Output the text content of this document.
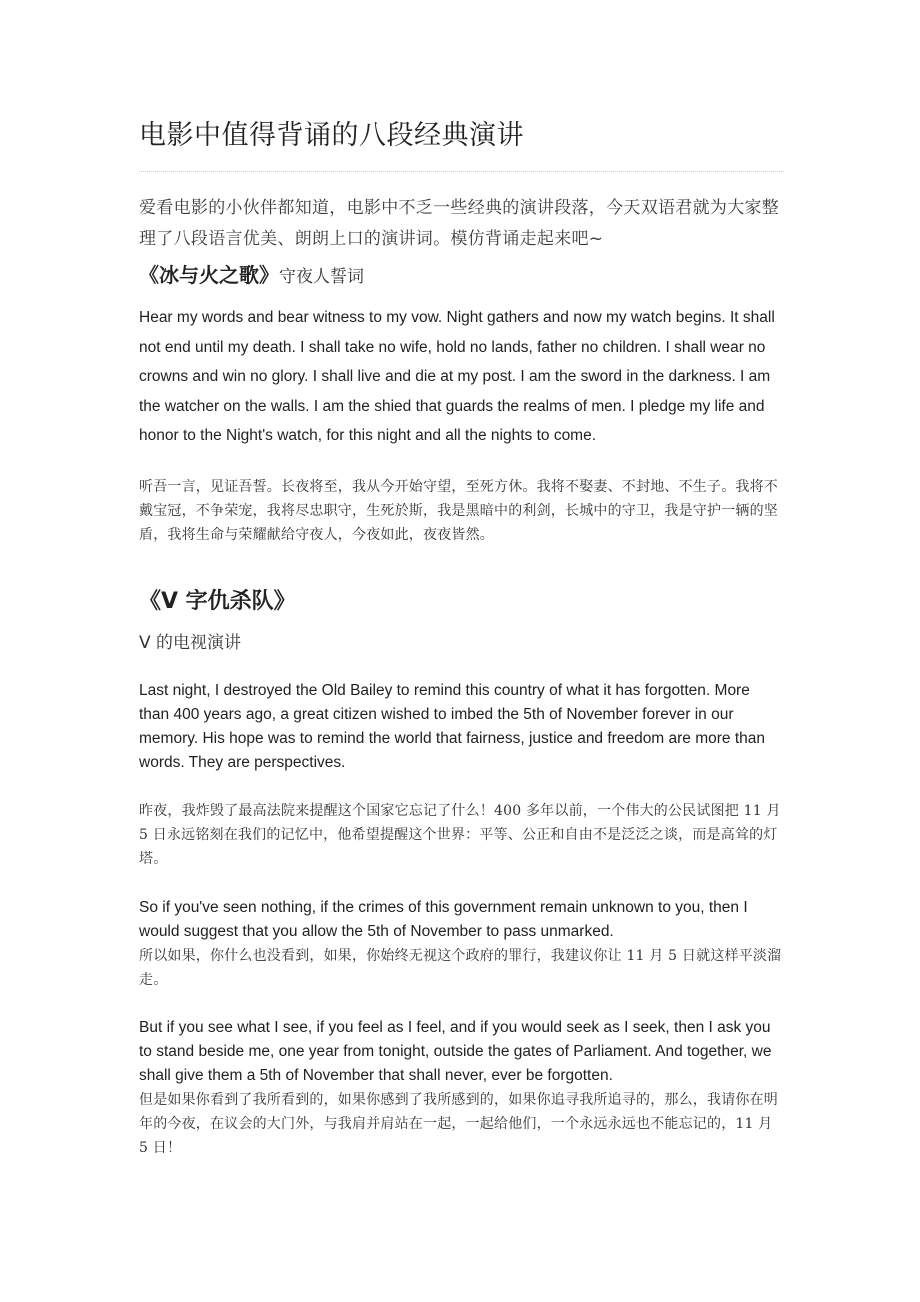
电影中值得背诵的八段经典演讲
爱看电影的小伙伴都知道，电影中不乏一些经典的演讲段落，今天双语君就为大家整理了八段语言优美、朗朗上口的演讲词。模仿背诵走起来吧~
《冰与火之歌》守夜人誓词
Hear my words and bear witness to my vow. Night gathers and now my watch begins. It shall not end until my death. I shall take no wife, hold no lands, father no children. I shall wear no crowns and win no glory. I shall live and die at my post. I am the sword in the darkness. I am the watcher on the walls. I am the shied that guards the realms of men. I pledge my life and honor to the Night's watch, for this night and all the nights to come.
听吾一言，见证吾誓。长夜将至，我从今开始守望，至死方休。我将不娶妻、不封地、不生子。我将不戴宝冠，不争荣宠，我将尽忠职守，生死於斯，我是黑暗中的利剑，长城中的守卫，我是守护一辆的坚盾，我将生命与荣耀献给守夜人，今夜如此，夜夜皆然。
《V 字仇杀队》
V 的电视演讲
Last night, I destroyed the Old Bailey to remind this country of what it has forgotten. More than 400 years ago, a great citizen wished to imbed the 5th of November forever in our memory. His hope was to remind the world that fairness, justice and freedom are more than words. They are perspectives.
昨夜，我炸毁了最高法院来提醒这个国家它忘记了什么！400 多年以前，一个伟大的公民试图把 11 月 5 日永远铭刻在我们的记忆中，他希望提醒这个世界：平等、公正和自由不是泛泛之谈，而是高耸的灯塔。
So if you've seen nothing, if the crimes of this government remain unknown to you, then I would suggest that you allow the 5th of November to pass unmarked.
所以如果，你什么也没看到，如果，你始终无视这个政府的罪行，我建议你让 11 月 5 日就这样平淡溜走。
But if you see what I see, if you feel as I feel, and if you would seek as I seek, then I ask you to stand beside me, one year from tonight, outside the gates of Parliament. And together, we shall give them a 5th of November that shall never, ever be forgotten.
但是如果你看到了我所看到的，如果你感到了我所感到的，如果你追寻我所追寻的，那么，我请你在明年的今夜，在议会的大门外，与我肩并肩站在一起，一起给他们，一个永远永远也不能忘记的，11 月 5 日！
